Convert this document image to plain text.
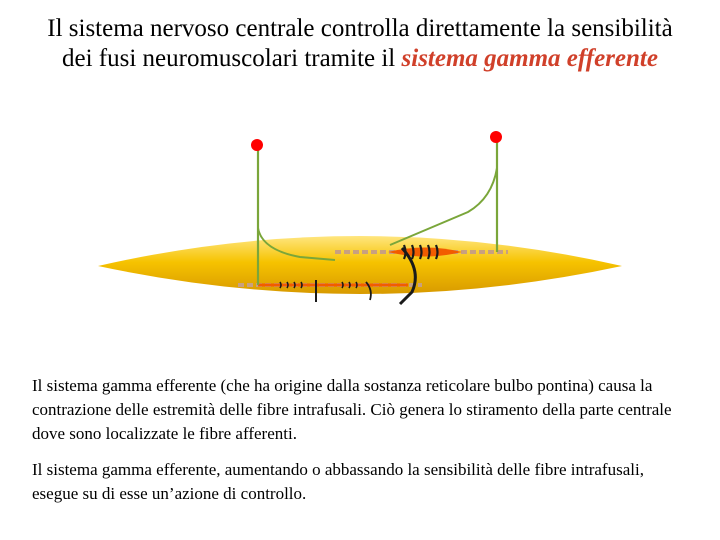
Il sistema nervoso centrale controlla direttamente la sensibilità
dei fusi neuromuscolari tramite il sistema gamma efferente

Il sistema gamma efferente (che ha origine dalla sostanza reticolare bulbo pontina) causa la contrazione delle estremità delle fibre intrafusali. Ciò genera lo stiramento della parte centrale dove sono localizzate le fibre afferenti.

Il sistema gamma efferente, aumentando o abbassando la sensibilità delle fibre intrafusali, esegue su di esse un’azione di controllo.
